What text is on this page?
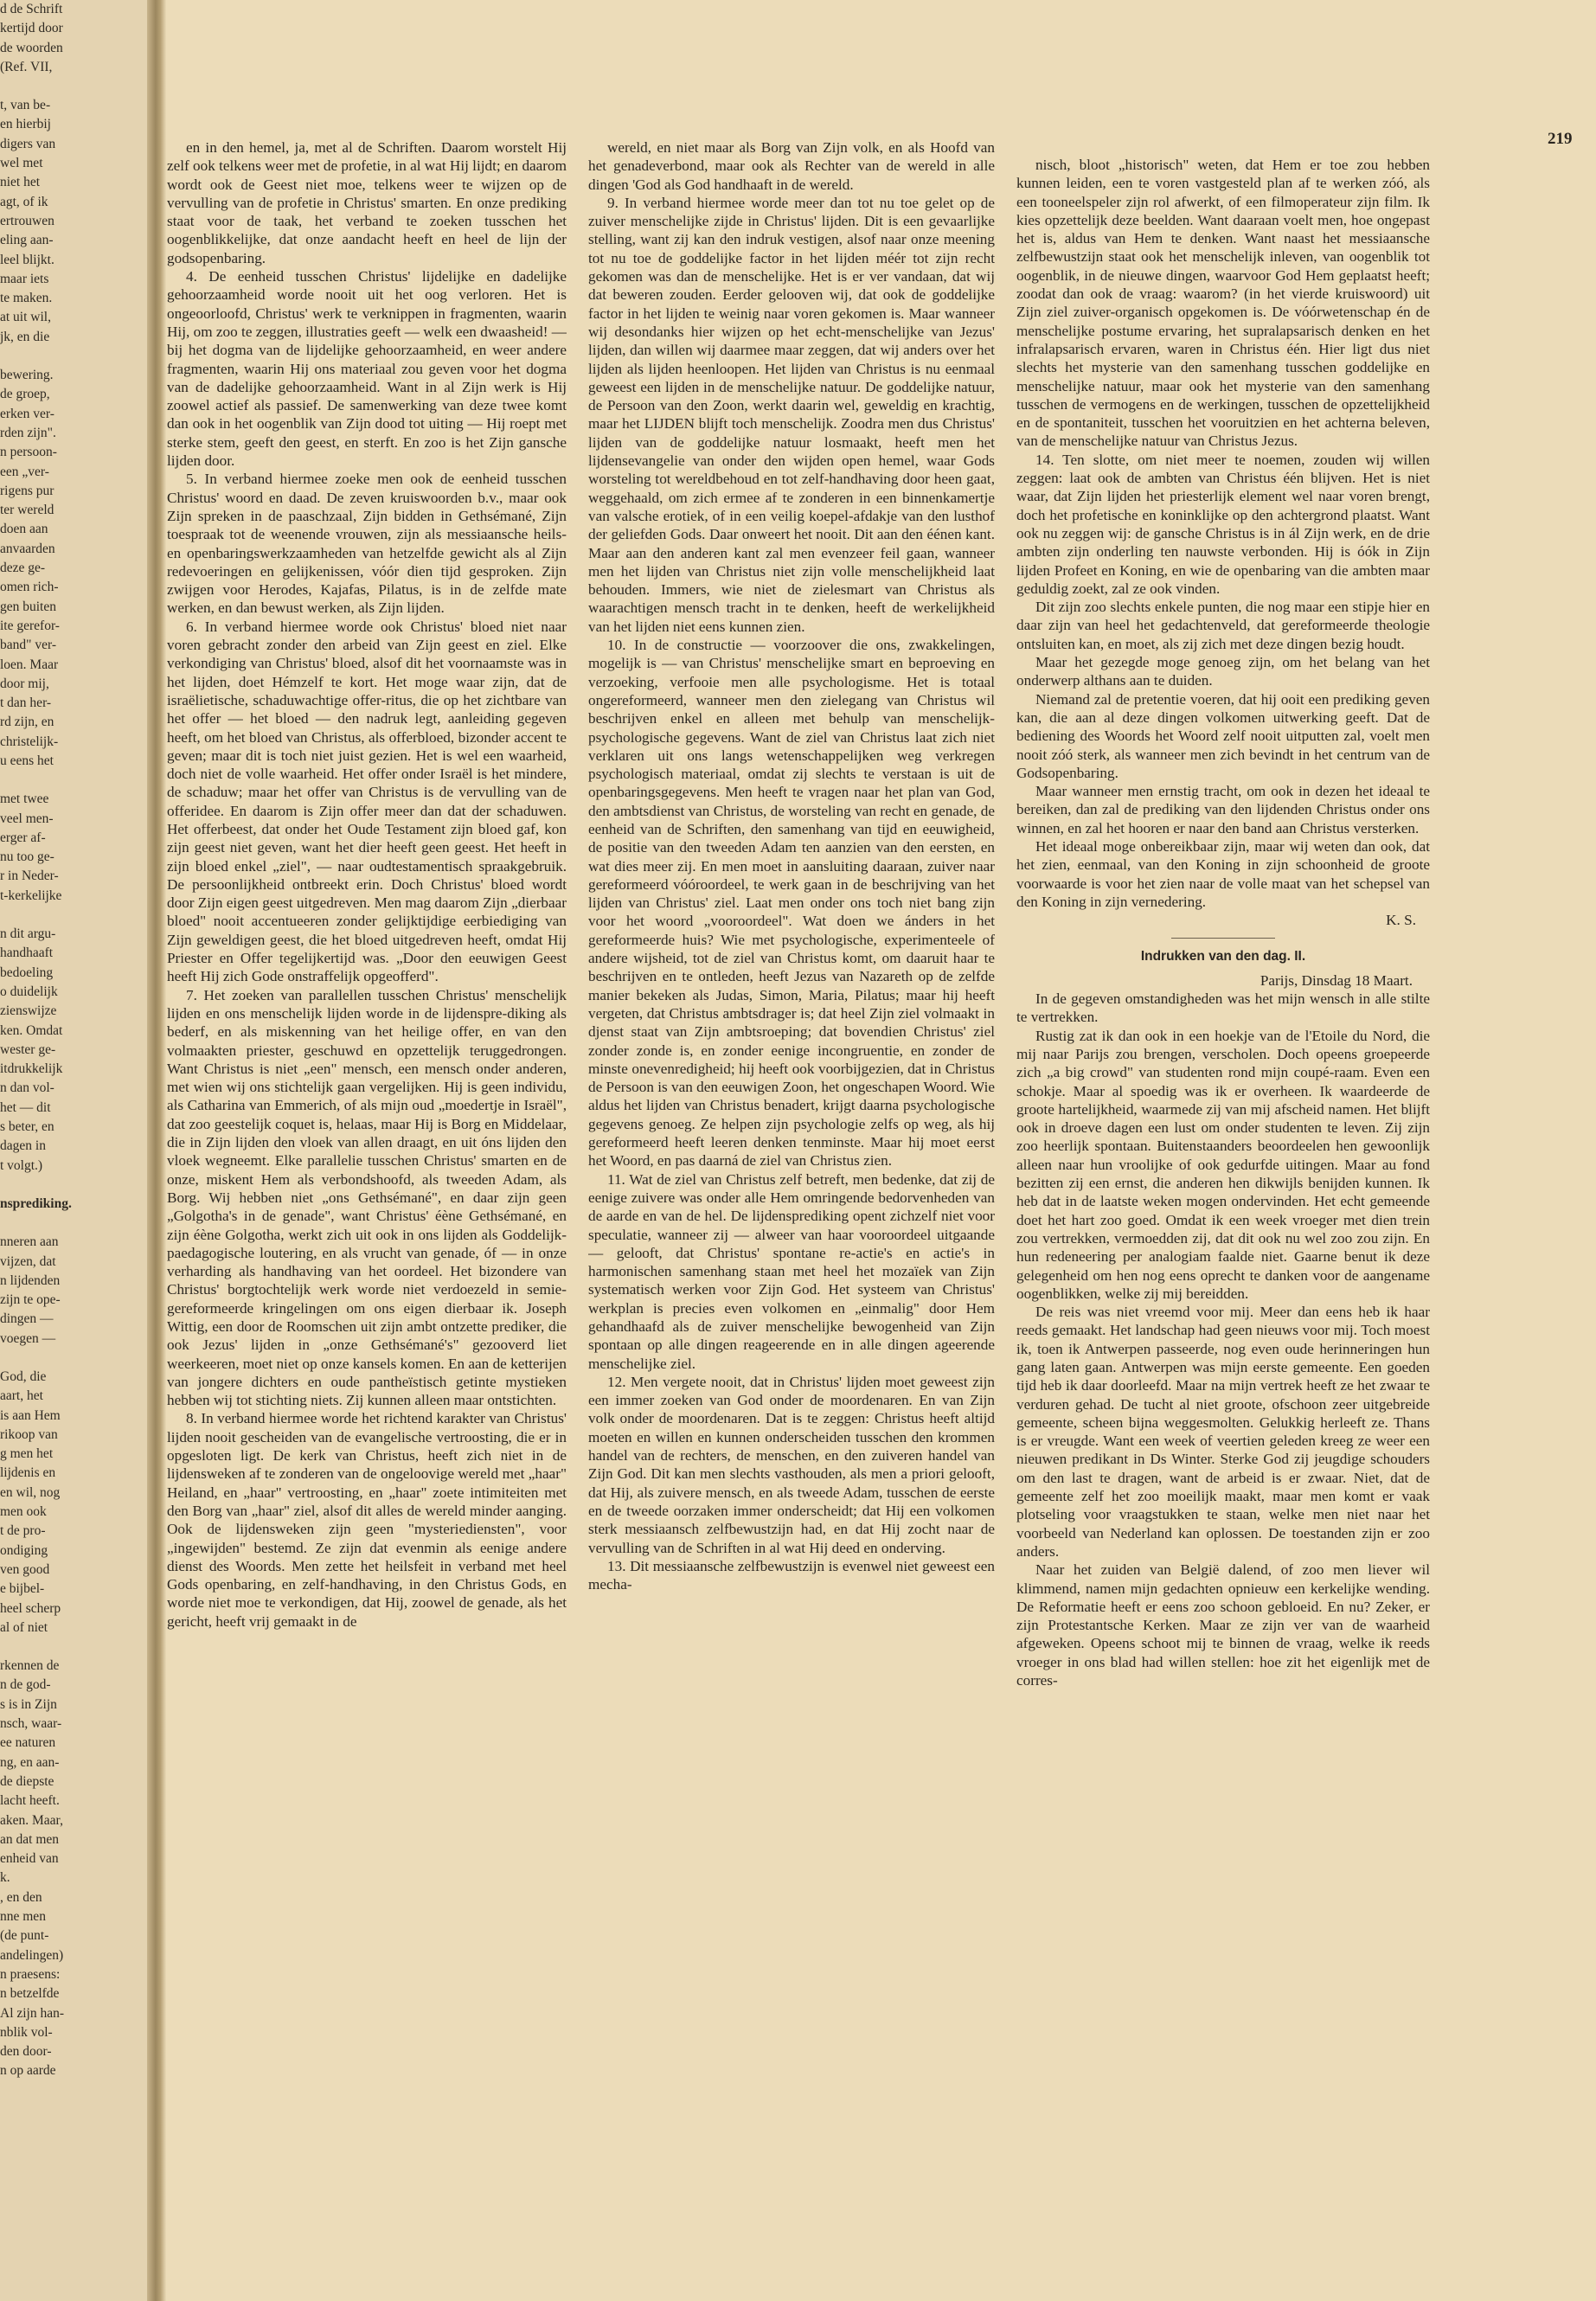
d de Schrift
kertijd door
de woorden
(Ref. VII,
t, van be-
en hierbij
digers van
wel met
niet het
agt, of ik
ertrouwen
eling aan-
leel blijkt.
maar iets
te maken.
at uit wil,
jk, en die
bewering.
de groep,
erken ver-
rden zijn".
n persoon-
een „ver-
rigens pur
ter wereld
doen aan
anvaarden
deze ge-
omen rich-
gen buiten
ite gerefor-
band" ver-
loen. Maar
door mij,
t dan her-
rd zijn, en
christelijk-
u eens het
met twee
veel men-
erger af-
nu too ge-
r in Neder-
t-kerkelijke
n dit argu-
handhaaft
bedoeling
o duidelijk
zienswijze
ken. Omdat
wester ge-
itdrukkelijk
n dan vol-
het — dit
s beter, en
dagen in
t volgt.)
nsprediking.
nneren aan
vijzen, dat
n lijdenden
zijn te ope-
dingen —
voegen —
God, die
aart, het
is aan Hem
rikoop van
g men het
lijdenis en
en wil, nog
men ook
t de pro-
ondiging
ven good
e bijbel-
heel scherp
al of niet
rkennen de
n de god-
s is in Zijn
nsch, waar-
ee naturen
ng, en aan-
de diepste
lacht heeft.
aken. Maar,
an dat men
enheid van
k.
, en den
nne men
(de punt-
andelingen)
n praesens:
n betzelfde
Al zijn han-
nblik vol-
den door-
n op aarde
219

en in den hemel, ja, met al de Schriften. Daarom worstelt Hij zelf ook telkens weer met de profetie, in al wat Hij lijdt; en daarom wordt ook de Geest niet moe, telkens weer te wijzen op de vervulling van de profetie in Christus' smarten. En onze prediking staat voor de taak, het verband te zoeken tusschen het oogenblikkelijke, dat onze aandacht heeft en heel de lijn der godsopenbaring.

4. De eenheid tusschen Christus' lijdelijke en dadelijke gehoorzaamheid worde nooit uit het oog verloren. Het is ongeoorloofd, Christus' werk te verknippen in fragmenten, waarin Hij, om zoo te zeggen, illustraties geeft — welk een dwaasheid! — bij het dogma van de lijdelijke gehoorzaamheid, en weer andere fragmenten, waarin Hij ons materiaal zou geven voor het dogma van de dadelijke gehoorzaamheid. Want in al Zijn werk is Hij zoowel actief als passief. De samenwerking van deze twee komt dan ook in het oogenblik van Zijn dood tot uiting — Hij roept met sterke stem, geeft den geest, en sterft. En zoo is het Zijn gansche lijden door.

5. In verband hiermee zoeke men ook de eenheid tusschen Christus' woord en daad. De zeven kruiswoorden b.v., maar ook Zijn spreken in de paaschzaal, Zijn bidden in Gethsémané, Zijn toespraak tot de weenende vrouwen, zijn als messiaansche heils- en openbaringswerkzaamheden van hetzelfde gewicht als al Zijn redevoeringen en gelijkenissen, vóór dien tijd gesproken. Zijn zwijgen voor Herodes, Kajafas, Pilatus, is in de zelfde mate werken, en dan bewust werken, als Zijn lijden.

6. In verband hiermee worde ook Christus' bloed niet naar voren gebracht zonder den arbeid van Zijn geest en ziel. Elke verkondiging van Christus' bloed, alsof dit het voornaamste was in het lijden, doet Hémzelf te kort. Het moge waar zijn, dat de israëlietische, schaduwachtige offer-ritus, die op het zichtbare van het offer — het bloed — den nadruk legt, aanleiding gegeven heeft, om het bloed van Christus, als offerbloed, bizonder accent te geven; maar dit is toch niet juist gezien. Het is wel een waarheid, doch niet de volle waarheid. Het offer onder Israël is het mindere, de schaduw; maar het offer van Christus is de vervulling van de offeridee. En daarom is Zijn offer meer dan dat der schaduwen. Het offerbeest, dat onder het Oude Testament zijn bloed gaf, kon zijn geest niet geven, want het dier heeft geen geest. Het heeft in zijn bloed enkel „ziel", — naar oudtestamentisch spraakgebruik. De persoonlijkheid ontbreekt erin. Doch Christus' bloed wordt door Zijn eigen geest uitgedreven. Men mag daarom Zijn „dierbaar bloed" nooit accentueeren zonder gelijktijdige eerbiediging van Zijn geweldigen geest, die het bloed uitgedreven heeft, omdat Hij Priester en Offer tegelijkertijd was. „Door den eeuwigen Geest heeft Hij zich Gode onstraffelijk opgeofferd".

7. Het zoeken van parallellen tusschen Christus' menschelijk lijden en ons menschelijk lijden worde in de lijdenspre-diking als bederf, en als miskenning van het heilige offer, en van den volmaakten priester, geschuwd en opzettelijk teruggedrongen. Want Christus is niet „een" mensch, een mensch onder anderen, met wien wij ons stichtelijk gaan vergelijken. Hij is geen individu, als Catharina van Emmerich, of als mijn oud „moedertje in Israël", dat zoo geestelijk coquet is, helaas, maar Hij is Borg en Middelaar, die in Zijn lijden den vloek van allen draagt, en uit óns lijden den vloek wegneemt. Elke parallelie tusschen Christus' smarten en de onze, miskent Hem als verbondshoofd, als tweeden Adam, als Borg. Wij hebben niet „ons Gethsémané", en daar zijn geen „Golgotha's in de genade", want Christus' éène Gethsémané, en zijn éène Golgotha, werkt zich uit ook in ons lijden als Goddelijk-paedagogische loutering, en als vrucht van genade, óf — in onze verharding als handhaving van het oordeel. Het bizondere van Christus' borgtochtelijk werk worde niet verdoezeld in semie-gereformeerde kringelingen om ons eigen dierbaar ik. Joseph Wittig, een door de Roomschen uit zijn ambt ontzette prediker, die ook Jezus' lijden in „onze Gethsémané's" gezooverd liet weerkeeren, moet niet op onze kansels komen. En aan de ketterijen van jongere dichters en oude pantheïstisch getinte mystieken hebben wij tot stichting niets. Zij kunnen alleen maar ontstichten.

8. In verband hiermee worde het richtend karakter van Christus' lijden nooit gescheiden van de evangelische vertroosting, die er in opgesloten ligt. De kerk van Christus, heeft zich niet in de lijdensweken af te zonderen van de ongeloovige wereld met „haar" Heiland, en „haar" vertroosting, en „haar" zoete intimiteiten met den Borg van „haar" ziel, alsof dit alles de wereld minder aanging. Ook de lijdensweken zijn geen "mysteriediensten", voor „ingewijden" bestemd. Ze zijn dat evenmin als eenige andere dienst des Woords. Men zette het heilsfeit in verband met heel Gods openbaring, en zelf-handhaving, in den Christus Gods, en worde niet moe te verkondigen, dat Hij, zoowel de genade, als het gericht, heeft vrij gemaakt in de

wereld, en niet maar als Borg van Zijn volk, en als Hoofd van het genadeverbond, maar ook als Rechter van de wereld in alle dingen 'God als God handhaaft in de wereld.

9. In verband hiermee worde meer dan tot nu toe gelet op de zuiver menschelijke zijde in Christus' lijden. Dit is een gevaarlijke stelling, want zij kan den indruk vestigen, alsof naar onze meening tot nu toe de goddelijke factor in het lijden méér tot zijn recht gekomen was dan de menschelijke. Het is er ver vandaan, dat wij dat beweren zouden. Eerder gelooven wij, dat ook de goddelijke factor in het lijden te weinig naar voren gekomen is. Maar wanneer wij desondanks hier wijzen op het echt-menschelijke van Jezus' lijden, dan willen wij daarmee maar zeggen, dat wij anders over het lijden als lijden heenloopen. Het lijden van Christus is nu eenmaal geweest een lijden in de menschelijke natuur. De goddelijke natuur, de Persoon van den Zoon, werkt daarin wel, geweldig en krachtig, maar het LIJDEN blijft toch menschelijk. Zoodra men dus Christus' lijden van de goddelijke natuur losmaakt, heeft men het lijdensevangelie van onder den wijden open hemel, waar Gods worsteling tot wereldbehoud en tot zelf-handhaving door heen gaat, weggehaald, om zich ermee af te zonderen in een binnenkamertje van valsche erotiek, of in een veilig koepel-afdakje van den lusthof der geliefden Gods. Daar onweert het nooit. Dit aan den éénen kant. Maar aan den anderen kant zal men evenzeer feil gaan, wanneer men het lijden van Christus niet zijn volle menschelijkheid laat behouden. Immers, wie niet de zielesmart van Christus als waarachtigen mensch tracht in te denken, heeft de werkelijkheid van het lijden niet eens kunnen zien.

10. In de constructie — voorzoover die ons, zwakkelingen, mogelijk is — van Christus' menschelijke smart en beproeving en verzoeking, verfooie men alle psychologisme. Het is totaal ongereformeerd, wanneer men den zielegang van Christus wil beschrijven enkel en alleen met behulp van menschelijk-psychologische gegevens. Want de ziel van Christus laat zich niet verklaren uit ons langs wetenschappelijken weg verkregen psychologisch materiaal, omdat zij slechts te verstaan is uit de openbaringsgegevens. Men heeft te vragen naar het plan van God, den ambtsdienst van Christus, de worsteling van recht en genade, de eenheid van de Schriften, den samenhang van tijd en eeuwigheid, de positie van den tweeden Adam ten aanzien van den eersten, en wat dies meer zij. En men moet in aansluiting daaraan, zuiver naar gereformeerd vóóroordeel, te werk gaan in de beschrijving van het lijden van Christus' ziel. Laat men onder ons toch niet bang zijn voor het woord „vooroordeel". Wat doen we ánders in het gereformeerde huis? Wie met psychologische, experimenteele of andere wijsheid, tot de ziel van Christus komt, om daaruit haar te beschrijven en te ontleden, heeft Jezus van Nazareth op de zelfde manier bekeken als Judas, Simon, Maria, Pilatus; maar hij heeft vergeten, dat Christus ambtsdrager is; dat heel Zijn ziel volmaakt in djenst staat van Zijn ambtsroeping; dat bovendien Christus' ziel zonder zonde is, en zonder eenige incongruentie, en zonder de minste onevenredigheid; hij heeft ook voorbijgezien, dat in Christus de Persoon is van den eeuwigen Zoon, het ongeschapen Woord. Wie aldus het lijden van Christus benadert, krijgt daarna psychologische gegevens genoeg. Ze helpen zijn psychologie zelfs op weg, als hij gereformeerd heeft leeren denken tenminste. Maar hij moet eerst het Woord, en pas daarná de ziel van Christus zien.

11. Wat de ziel van Christus zelf betreft, men bedenke, dat zij de eenige zuivere was onder alle Hem omringende bedorvenheden van de aarde en van de hel. De lijdensprediking opent zichzelf niet voor speculatie, wanneer zij — alweer van haar vooroordeel uitgaande — gelooft, dat Christus' spontane re-actie's en actie's in harmonischen samenhang staan met heel het mozaïek van Zijn systematisch werken voor Zijn God. Het systeem van Christus' werkplan is precies even volkomen en „einmalig" door Hem gehandhaafd als de zuiver menschelijke bewogenheid van Zijn spontaan op alle dingen reageerende en in alle dingen ageerende menschelijke ziel.

12. Men vergete nooit, dat in Christus' lijden moet geweest zijn een immer zoeken van God onder de moordenaren. En van Zijn volk onder de moordenaren. Dat is te zeggen: Christus heeft altijd moeten en willen en kunnen onderscheiden tusschen den krommen handel van de rechters, de menschen, en den zuiveren handel van Zijn God. Dit kan men slechts vasthouden, als men a priori gelooft, dat Hij, als zuivere mensch, en als tweede Adam, tusschen de eerste en de tweede oorzaken immer onderscheidt; dat Hij een volkomen sterk messiaansch zelfbewustzijn had, en dat Hij zocht naar de vervulling van de Schriften in al wat Hij deed en onderving.

13. Dit messiaansche zelfbewustzijn is evenwel niet geweest een mecha-

nisch, bloot „historisch" weten, dat Hem er toe zou hebben kunnen leiden, een te voren vastgesteld plan af te werken zóó, als een tooneelspeler zijn rol afwerkt, of een filmoperateur zijn film. Ik kies opzettelijk deze beelden. Want daaraan voelt men, hoe ongepast het is, aldus van Hem te denken. Want naast het messiaansche zelfbewustzijn staat ook het menschelijk inleven, van oogenblik tot oogenblik, in de nieuwe dingen, waarvoor God Hem geplaatst heeft; zoodat dan ook de vraag: waarom? (in het vierde kruiswoord) uit Zijn ziel zuiver-organisch opgekomen is. De vóórwetenschap én de menschelijke postume ervaring, het supralapsarisch denken en het infralapsarisch ervaren, waren in Christus één. Hier ligt dus niet slechts het mysterie van den samenhang tusschen goddelijke en menschelijke natuur, maar ook het mysterie van den samenhang tusschen de vermogens en de werkingen, tusschen de opzettelijkheid en de spontaniteit, tusschen het vooruitzien en het achterna beleven, van de menschelijke natuur van Christus Jezus.

14. Ten slotte, om niet meer te noemen, zouden wij willen zeggen: laat ook de ambten van Christus één blijven. Het is niet waar, dat Zijn lijden het priesterlijk element wel naar voren brengt, doch het profetische en koninklijke op den achtergrond plaatst. Want ook nu zeggen wij: de gansche Christus is in ál Zijn werk, en de drie ambten zijn onderling ten nauwste verbonden. Hij is óók in Zijn lijden Profeet en Koning, en wie de openbaring van die ambten maar geduldig zoekt, zal ze ook vinden.

Dit zijn zoo slechts enkele punten, die nog maar een stipje hier en daar zijn van heel het gedachtenveld, dat gereformeerde theologie ontsluiten kan, en moet, als zij zich met deze dingen bezig houdt.

Maar het gezegde moge genoeg zijn, om het belang van het onderwerp althans aan te duiden.

Niemand zal de pretentie voeren, dat hij ooit een prediking geven kan, die aan al deze dingen volkomen uitwerking geeft. Dat de bediening des Woords het Woord zelf nooit uitputten zal, voelt men nooit zóó sterk, als wanneer men zich bevindt in het centrum van de Godsopenbaring.

Maar wanneer men ernstig tracht, om ook in dezen het ideaal te bereiken, dan zal de prediking van den lijdenden Christus onder ons winnen, en zal het hooren er naar den band aan Christus versterken.

Het ideaal moge onbereikbaar zijn, maar wij weten dan ook, dat het zien, eenmaal, van den Koning in zijn schoonheid de groote voorwaarde is voor het zien naar de volle maat van het schepsel van den Koning in zijn vernedering.

K. S.

Indrukken van den dag. II.

Parijs, Dinsdag 18 Maart.

In de gegeven omstandigheden was het mijn wensch in alle stilte te vertrekken.

Rustig zat ik dan ook in een hoekje van de l'Etoile du Nord, die mij naar Parijs zou brengen, verscholen. Doch opeens groepeerde zich „a big crowd" van studenten rond mijn coupé-raam. Even een schokje. Maar al spoedig was ik er overheen. Ik waardeerde de groote hartelijkheid, waarmede zij van mij afscheid namen. Het blijft ook in droeve dagen een lust om onder studenten te leven. Zij zijn zoo heerlijk spontaan. Buitenstaanders beoordeelen hen gewoonlijk alleen naar hun vroolijke of ook gedurfde uitingen. Maar au fond bezitten zij een ernst, die anderen hen dikwijls benijden kunnen. Ik heb dat in de laatste weken mogen ondervinden. Het echt gemeende doet het hart zoo goed. Omdat ik een week vroeger met dien trein zou vertrekken, vermoedden zij, dat dit ook nu wel zoo zou zijn. En hun redeneering per analogiam faalde niet. Gaarne benut ik deze gelegenheid om hen nog eens oprecht te danken voor de aangename oogenblikken, welke zij mij bereidden.

De reis was niet vreemd voor mij. Meer dan eens heb ik haar reeds gemaakt. Het landschap had geen nieuws voor mij. Toch moest ik, toen ik Antwerpen passeerde, nog even oude herinneringen hun gang laten gaan. Antwerpen was mijn eerste gemeente. Een goeden tijd heb ik daar doorleefd. Maar na mijn vertrek heeft ze het zwaar te verduren gehad. De tucht al niet groote, ofschoon zeer uitgebreide gemeente, scheen bijna weggesmolten. Gelukkig herleeft ze. Thans is er vreugde. Want een week of veertien geleden kreeg ze weer een nieuwen predikant in Ds Winter. Sterke God zij jeugdige schouders om den last te dragen, want de arbeid is er zwaar. Niet, dat de gemeente zelf het zoo moeilijk maakt, maar men komt er vaak plotseling voor vraagstukken te staan, welke men niet naar het voorbeeld van Nederland kan oplossen. De toestanden zijn er zoo anders.

Naar het zuiden van België dalend, of zoo men liever wil klimmend, namen mijn gedachten opnieuw een kerkelijke wending. De Reformatie heeft er eens zoo schoon gebloeid. En nu? Zeker, er zijn Protestantsche Kerken. Maar ze zijn ver van de waarheid afgeweken. Opeens schoot mij te binnen de vraag, welke ik reeds vroeger in ons blad had willen stellen: hoe zit het eigenlijk met de corres-
